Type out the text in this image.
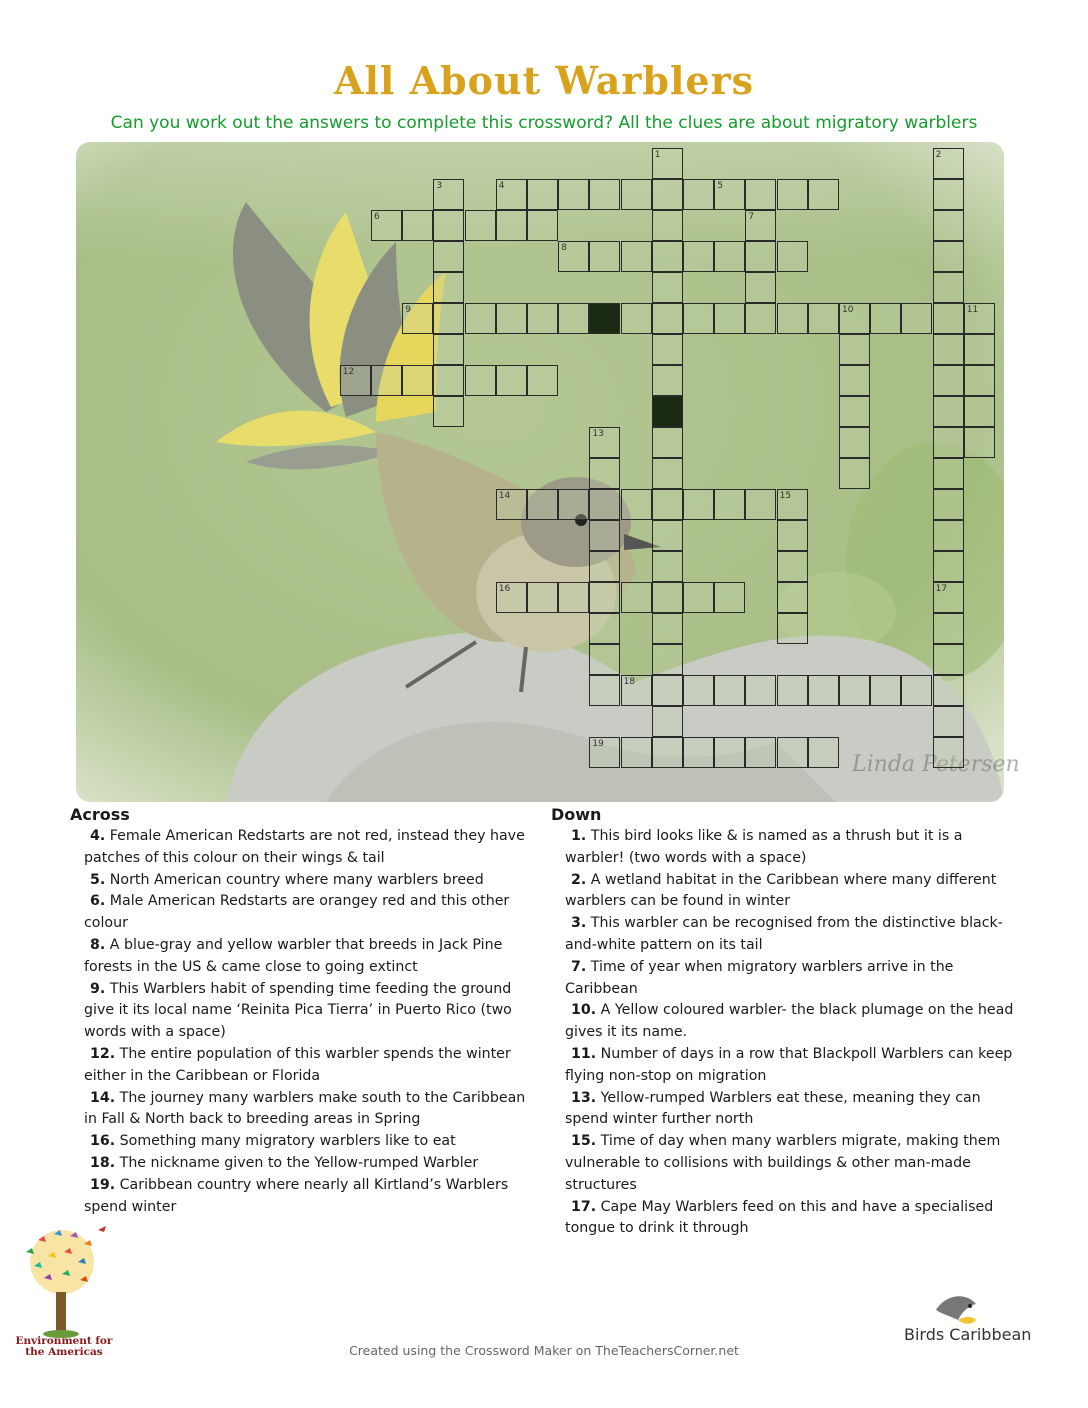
All About Warblers
Can you work out the answers to complete this crossword? All the clues are about migratory warblers
Linda Petersen
4	5
6
8
9	10	11
12
14	15
16
18
19
1	2
17
3
7
13
Across

4. Female American Redstarts are not red, instead they have patches of this colour on their wings & tail

5. North American country where many warblers breed

6. Male American Redstarts are orangey red and this other colour

8. A blue-gray and yellow warbler that breeds in Jack Pine forests in the US & came close to going extinct

9. This Warblers habit of spending time feeding the ground give it its local name ‘Reinita Pica Tierra’ in Puerto Rico (two words with a space)

12. The entire population of this warbler spends the winter either in the Caribbean or Florida

14. The journey many warblers make south to the Caribbean in Fall & North back to breeding areas in Spring

16. Something many migratory warblers like to eat

18. The nickname given to the Yellow-rumped Warbler

19. Caribbean country where nearly all Kirtland’s Warblers spend winter

Down

1. This bird looks like & is named as a thrush but it is a warbler! (two words with a space)

2. A wetland habitat in the Caribbean where many different warblers can be found in winter

3. This warbler can be recognised from the distinctive black-and-white pattern on its tail

7. Time of year when migratory warblers arrive in the Caribbean

10. A Yellow coloured warbler- the black plumage on the head gives it its name.

11. Number of days in a row that Blackpoll Warblers can keep flying non-stop on migration

13. Yellow-rumped Warblers eat these, meaning they can spend winter further north

15. Time of day when many warblers migrate, making them vulnerable to collisions with buildings & other man-made structures

17. Cape May Warblers feed on this and have a specialised tongue to drink it through

Environment for the Americas
Birds Caribbean
Created using the Crossword Maker on TheTeachersCorner.net
